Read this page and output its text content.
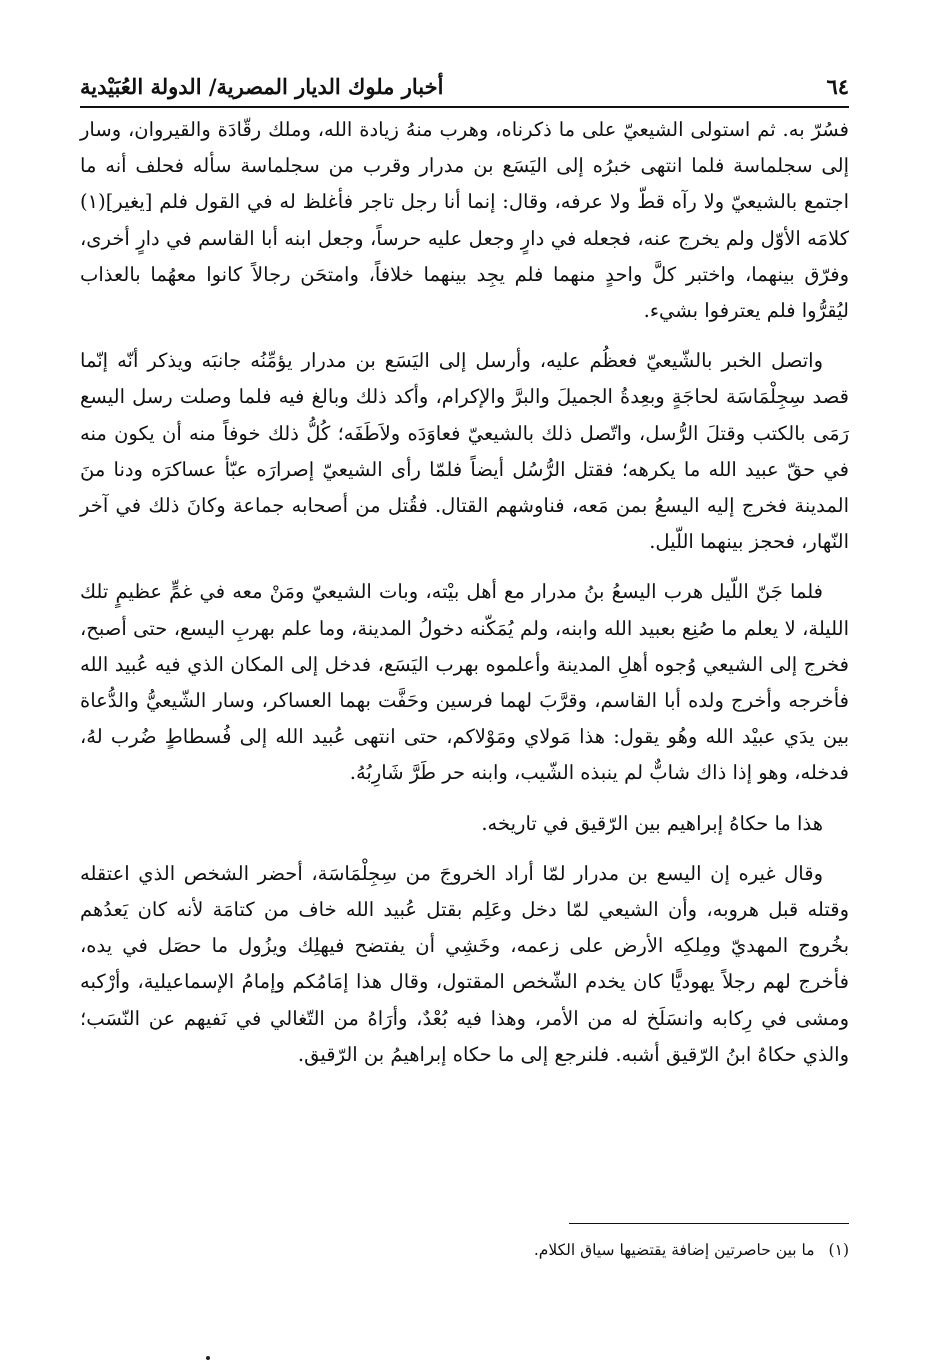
٦٤
أخبار ملوك الديار المصرية/ الدولة العُبَيْدية

فسُرّ به. ثم استولى الشيعيّ على ما ذكرناه، وهرب منهُ زيادة الله، وملك رقّادَة والقيروان، وسار إلى سجلماسة فلما انتهى خبرُه إلى اليَسَع بن مدرار وقرب من سجلماسة سأله فحلف أنه ما اجتمع بالشيعيّ ولا رآه قطّ ولا عرفه، وقال: إنما أنا رجل تاجر فأغلظ له في القول فلم [يغير](١) كلامَه الأوّل ولم يخرج عنه، فجعله في دارٍ وجعل عليه حرساً، وجعل ابنه أبا القاسم في دارٍ أخرى، وفرّق بينهما، واختبر كلَّ واحدٍ منهما فلم يجِد بينهما خلافاً، وامتحَن رجالاً كانوا معهُما بالعذاب ليُقرُّوا فلم يعترفوا بشيء.

واتصل الخبر بالشّيعيّ فعظُم عليه، وأرسل إلى اليَسَع بن مدرار يؤمِّنُه جانبَه ويذكر أنّه إنّما قصد سِجِلْمَاسَة لحاجَةٍ وبعِدةُ الجميلَ والبرَّ والإكرام، وأكد ذلك وبالغ فيه فلما وصلت رسل اليسع رَمَى بالكتب وقتلَ الرُّسل، واتّصل ذلك بالشيعيّ فعاوَدَه ولاَطَفَه؛ كُلُّ ذلك خوفاً منه أن يكون منه في حقّ عبيد الله ما يكرهه؛ فقتل الرُّسُل أيضاً فلمّا رأى الشيعيّ إصرارَه عبّأ عساكرَه ودنا منَ المدينة فخرج إليه اليسعُ بمن مَعه، فناوشهم القتال. فقُتل من أصحابه جماعة وكانَ ذلك في آخر النّهار، فحجز بينهما اللّيل.

فلما جَنّ اللّيل هرب اليسعُ بنُ مدرار مع أهل بيْته، وبات الشيعيّ ومَنْ معه في غمٍّ عظيمٍ تلك الليلة، لا يعلم ما صُنِع بعبيد الله وابنه، ولم يُمَكّنه دخولُ المدينة، وما علم بهربِ اليسع، حتى أصبح، فخرج إلى الشيعي وُجوه أهلِ المدينة وأعلموه بهرب اليَسَع، فدخل إلى المكان الذي فيه عُبيد الله فأخرجه وأخرج ولده أبا القاسم، وقرَّبَ لهما فرسين وحَفَّت بهما العساكر، وسار الشّيعيُّ والدُّعاة بين يدَي عبيْد الله وهُو يقول: هذا مَولاي ومَوْلاكم، حتى انتهى عُبيد الله إلى فُسطاطٍ ضُرب لهُ، فدخله، وهو إذا ذاك شابٌّ لم ينبذه الشّيب، وابنه حر طَرَّ شَارِبُهُ.

هذا ما حكاهُ إبراهيم بين الرّقيق في تاريخه.

وقال غيره إن اليسع بن مدرار لمّا أراد الخروجَ من سِجِلْمَاسَة، أحضر الشخص الذي اعتقله وقتله قبل هروبه، وأن الشيعي لمّا دخل وعَلِم بقتل عُبيد الله خاف من كتامَة لأنه كان يَعدُهم بخُروج المهديّ ومِلكِه الأرض على زعمه، وخَشِي أن يفتضح فيهلِك ويزُول ما حصَل في يده، فأخرج لهم رجلاً يهوديًّا كان يخدم الشّخص المقتول، وقال هذا إمَامُكم وإمامُ الإسماعيلية، وأرْكبه ومشى في رِكابه وانسَلَخ له من الأمر، وهذا فيه بُعْدٌ، وأرَاهُ من التّغالي في نَفيهم عن النّسَب؛ والذي حكاهُ ابنُ الرّقيق أشبه. فلنرجع إلى ما حكاه إبراهيمُ بن الرّقيق.

(١)
ما بين حاصرتين إضافة يقتضيها سياق الكلام.
